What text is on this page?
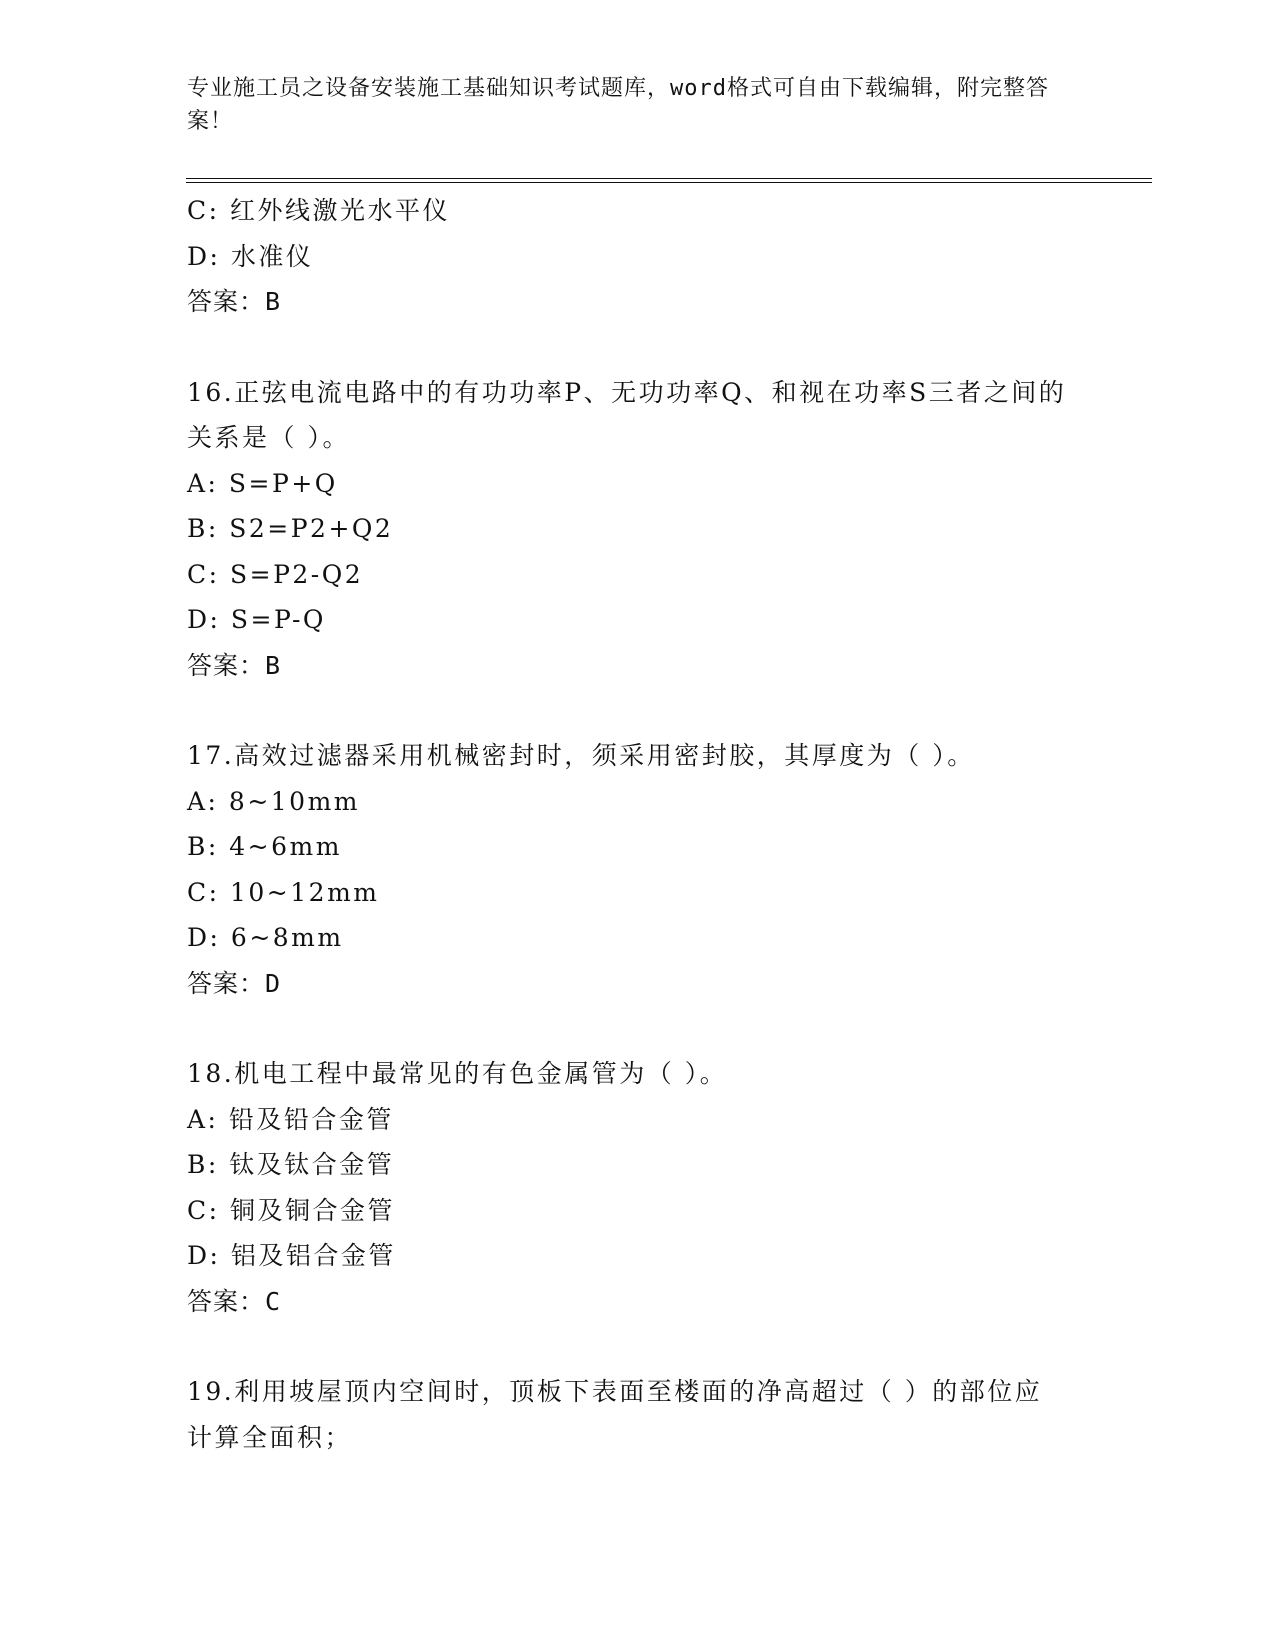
专业施工员之设备安装施工基础知识考试题库，word格式可自由下载编辑，附完整答案！
C: 红外线激光水平仪
D: 水准仪
答案：B
16.正弦电流电路中的有功功率P、无功功率Q、和视在功率S三者之间的关系是（ ）。
A: S=P+Q
B: S2=P2+Q2
C: S=P2-Q2
D: S=P-Q
答案：B
17.高效过滤器采用机械密封时，须采用密封胶，其厚度为（ ）。
A: 8~10mm
B: 4~6mm
C: 10~12mm
D: 6~8mm
答案：D
18.机电工程中最常见的有色金属管为（ ）。
A: 铅及铅合金管
B: 钛及钛合金管
C: 铜及铜合金管
D: 铝及铝合金管
答案：C
19.利用坡屋顶内空间时，顶板下表面至楼面的净高超过（ ）的部位应计算全面积；
